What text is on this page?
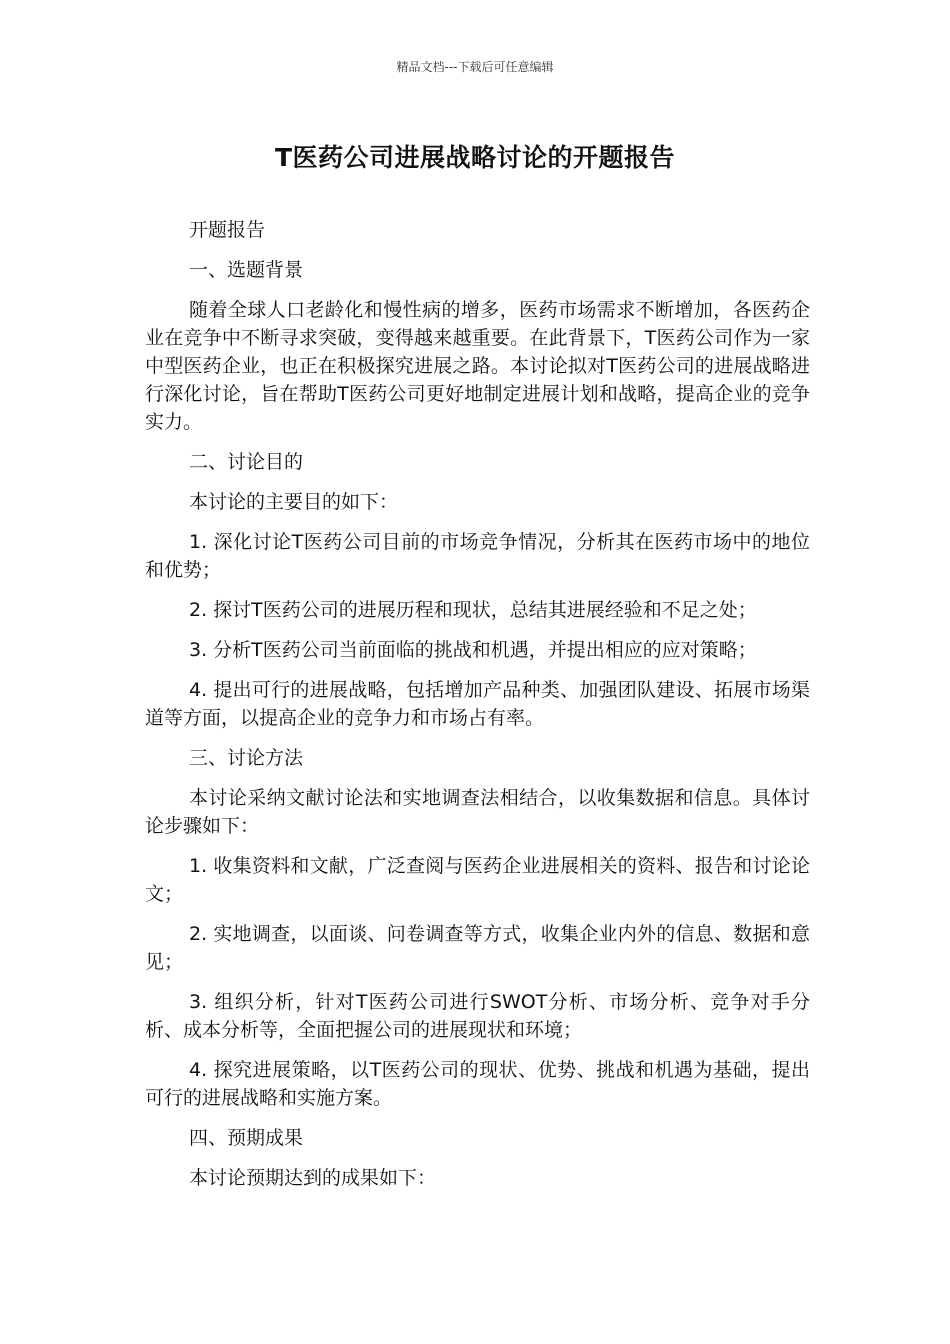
精品文档---下载后可任意编辑
T医药公司进展战略讨论的开题报告

开题报告

一、选题背景

随着全球人口老龄化和慢性病的增多，医药市场需求不断增加，各医药企业在竞争中不断寻求突破，变得越来越重要。在此背景下，T医药公司作为一家中型医药企业，也正在积极探究进展之路。本讨论拟对T医药公司的进展战略进行深化讨论，旨在帮助T医药公司更好地制定进展计划和战略，提高企业的竞争实力。

二、讨论目的

本讨论的主要目的如下：

1. 深化讨论T医药公司目前的市场竞争情况，分析其在医药市场中的地位和优势；

2. 探讨T医药公司的进展历程和现状，总结其进展经验和不足之处；

3. 分析T医药公司当前面临的挑战和机遇，并提出相应的应对策略；

4. 提出可行的进展战略，包括增加产品种类、加强团队建设、拓展市场渠道等方面，以提高企业的竞争力和市场占有率。

三、讨论方法

本讨论采纳文献讨论法和实地调查法相结合，以收集数据和信息。具体讨论步骤如下：

1. 收集资料和文献，广泛查阅与医药企业进展相关的资料、报告和讨论论文；

2. 实地调查，以面谈、问卷调查等方式，收集企业内外的信息、数据和意见；

3. 组织分析，针对T医药公司进行SWOT分析、市场分析、竞争对手分析、成本分析等，全面把握公司的进展现状和环境；

4. 探究进展策略，以T医药公司的现状、优势、挑战和机遇为基础，提出可行的进展战略和实施方案。

四、预期成果

本讨论预期达到的成果如下：
